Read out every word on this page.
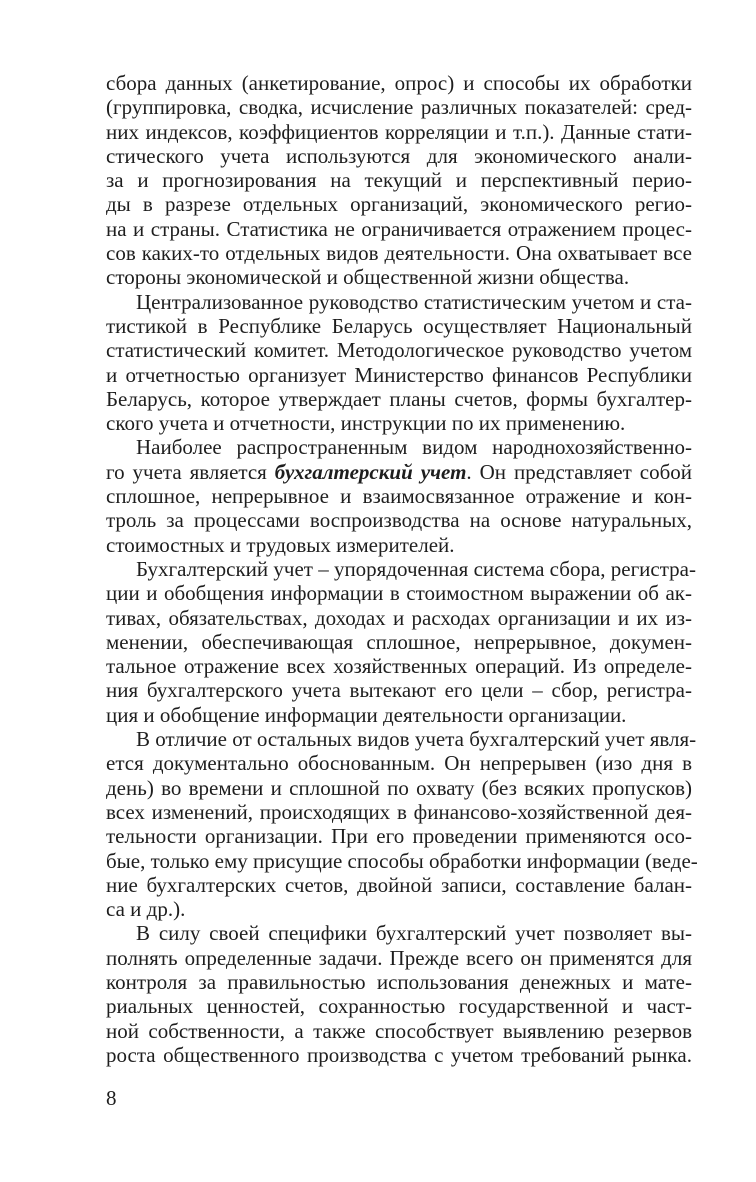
сбора данных (анкетирование, опрос) и способы их обработки
(группировка, сводка, исчисление различных показателей: сред-
них индексов, коэффициентов корреляции и т.п.). Данные стати-
стического учета используются для экономического анали-
за и прогнозирования на текущий и перспективный перио-
ды в разрезе отдельных организаций, экономического регио-
на и страны. Статистика не ограничивается отражением процес-
сов каких-то отдельных видов деятельности. Она охватывает все
стороны экономической и общественной жизни общества.
Централизованное руководство статистическим учетом и ста-
тистикой в Республике Беларусь осуществляет Национальный
статистический комитет. Методологическое руководство учетом
и отчетностью организует Министерство финансов Республики
Беларусь, которое утверждает планы счетов, формы бухгалтер-
ского учета и отчетности, инструкции по их применению.
Наиболее распространенным видом народнохозяйственно-
го учета является бухгалтерский учет. Он представляет собой
сплошное, непрерывное и взаимосвязанное отражение и кон-
троль за процессами воспроизводства на основе натуральных,
стоимостных и трудовых измерителей.
Бухгалтерский учет – упорядоченная система сбора, регистра-
ции и обобщения информации в стоимостном выражении об ак-
тивах, обязательствах, доходах и расходах организации и их из-
менении, обеспечивающая сплошное, непрерывное, докумен-
тальное отражение всех хозяйственных операций. Из определе-
ния бухгалтерского учета вытекают его цели – сбор, регистра-
ция и обобщение информации деятельности организации.
В отличие от остальных видов учета бухгалтерский учет явля-
ется документально обоснованным. Он непрерывен (изо дня в
день) во времени и сплошной по охвату (без всяких пропусков)
всех изменений, происходящих в финансово-хозяйственной дея-
тельности организации. При его проведении применяются осо-
бые, только ему присущие способы обработки информации (веде-
ние бухгалтерских счетов, двойной записи, составление балан-
са и др.).
В силу своей специфики бухгалтерский учет позволяет вы-
полнять определенные задачи. Прежде всего он применятся для
контроля за правильностью использования денежных и мате-
риальных ценностей, сохранностью государственной и част-
ной собственности, а также способствует выявлению резервов
роста общественного производства с учетом требований рынка.
8
